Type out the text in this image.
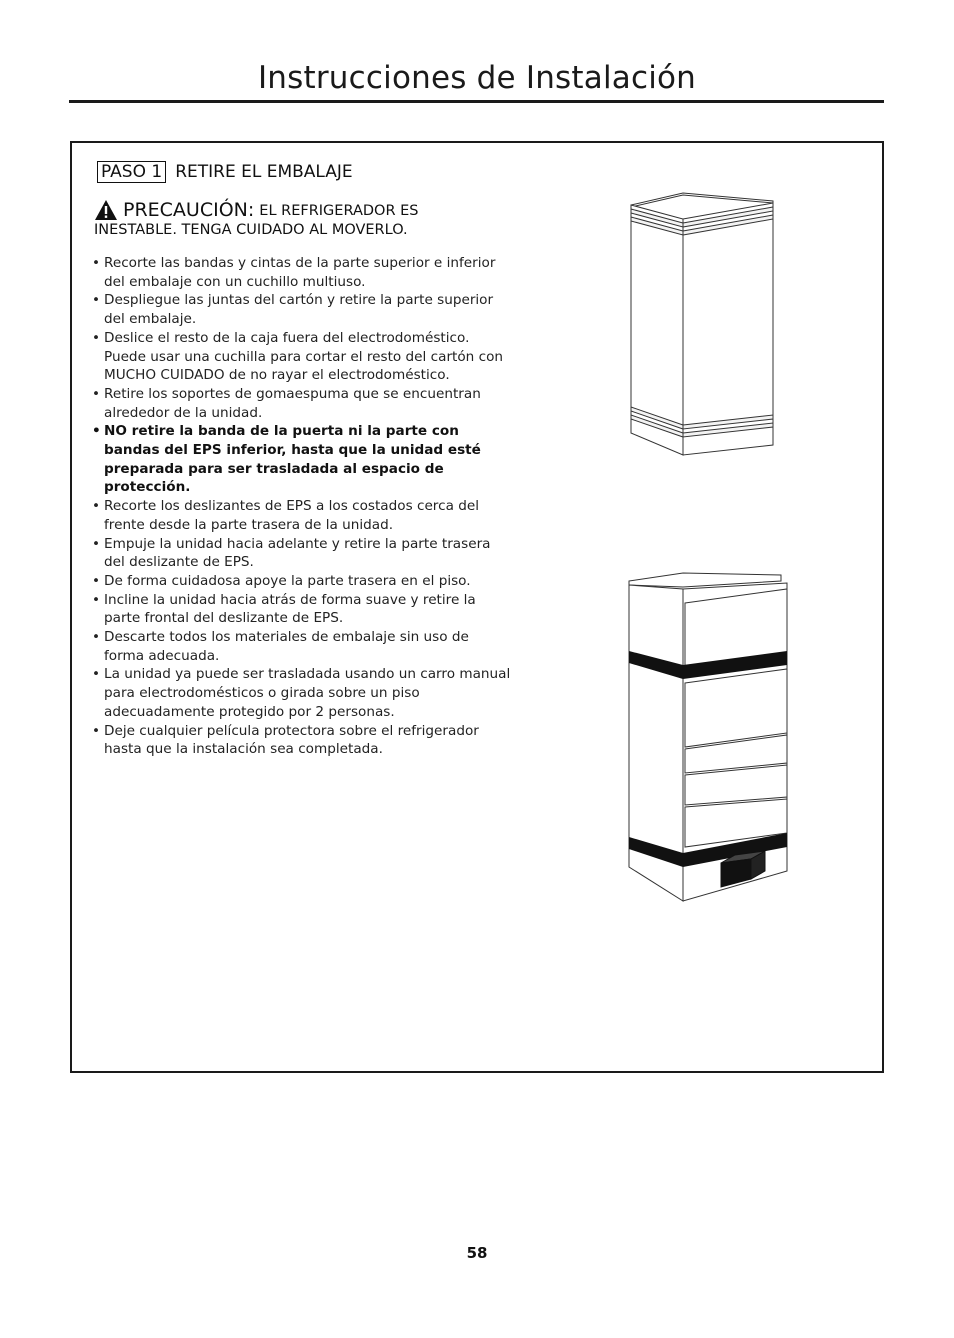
Instrucciones de Instalación
PASO 1 RETIRE EL EMBALAJE
PRECAUCIÓN: EL REFRIGERADOR ES
INESTABLE. TENGA CUIDADO AL MOVERLO.
• Recorte las bandas y cintas de la parte superior e inferior del embalaje con un cuchillo multiuso.
• Despliegue las juntas del cartón y retire la parte superior del embalaje.
• Deslice el resto de la caja fuera del electrodoméstico. Puede usar una cuchilla para cortar el resto del cartón con MUCHO CUIDADO de no rayar el electrodoméstico.
• Retire los soportes de gomaespuma que se encuentran alrededor de la unidad.
• NO retire la banda de la puerta ni la parte con bandas del EPS inferior, hasta que la unidad esté preparada para ser trasladada al espacio de protección.
• Recorte los deslizantes de EPS a los costados cerca del frente desde la parte trasera de la unidad.
• Empuje la unidad hacia adelante y retire la parte trasera del deslizante de EPS.
• De forma cuidadosa apoye la parte trasera en el piso.
• Incline la unidad hacia atrás de forma suave y retire la parte frontal del deslizante de EPS.
• Descarte todos los materiales de embalaje sin uso de forma adecuada.
• La unidad ya puede ser trasladada usando un carro manual para electrodomésticos o girada sobre un piso adecuadamente protegido por 2 personas.
• Deje cualquier película protectora sobre el refrigerador hasta que la instalación sea completada.
58
